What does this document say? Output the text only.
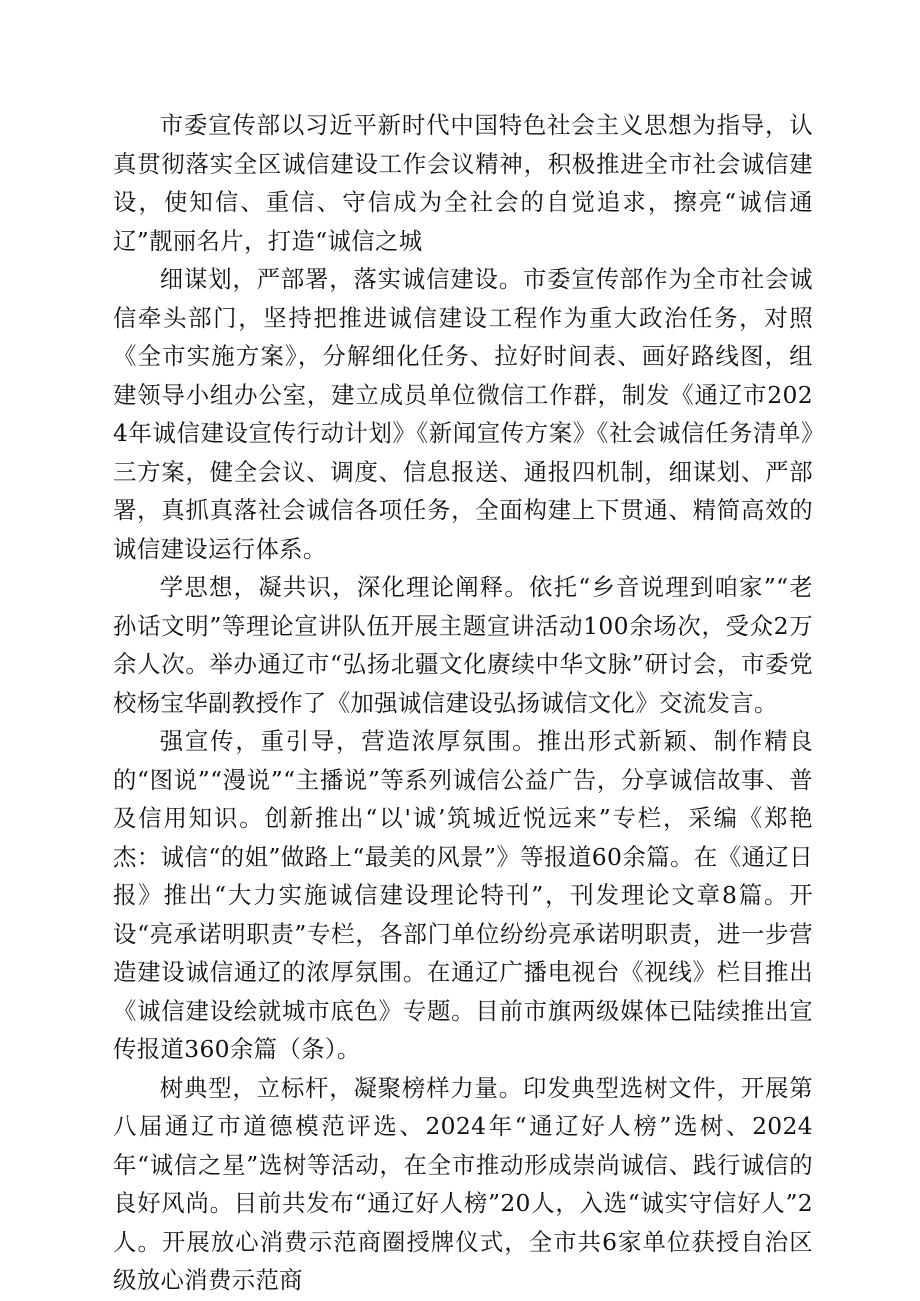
市委宣传部以习近平新时代中国特色社会主义思想为指导，认真贯彻落实全区诚信建设工作会议精神，积极推进全市社会诚信建设，使知信、重信、守信成为全社会的自觉追求，擦亮“诚信通辽”靓丽名片，打造“诚信之城

细谋划，严部署，落实诚信建设。市委宣传部作为全市社会诚信牵头部门，坚持把推进诚信建设工程作为重大政治任务，对照《全市实施方案》，分解细化任务、拉好时间表、画好路线图，组建领导小组办公室，建立成员单位微信工作群，制发《通辽市2024年诚信建设宣传行动计划》《新闻宣传方案》《社会诚信任务清单》三方案，健全会议、调度、信息报送、通报四机制，细谋划、严部署，真抓真落社会诚信各项任务，全面构建上下贯通、精简高效的诚信建设运行体系。

学思想，凝共识，深化理论阐释。依托“乡音说理到咱家”“老孙话文明”等理论宣讲队伍开展主题宣讲活动100余场次，受众2万余人次。举办通辽市“弘扬北疆文化赓续中华文脉”研讨会，市委党校杨宝华副教授作了《加强诚信建设弘扬诚信文化》交流发言。

强宣传，重引导，营造浓厚氛围。推出形式新颖、制作精良的“图说”“漫说”“主播说”等系列诚信公益广告，分享诚信故事、普及信用知识。创新推出“以'诚’筑城近悦远来”专栏，采编《郑艳杰：诚信“的姐”做路上“最美的风景”》等报道60余篇。在《通辽日报》推出“大力实施诚信建设理论特刊”，刊发理论文章8篇。开设“亮承诺明职责”专栏，各部门单位纷纷亮承诺明职责，进一步营造建设诚信通辽的浓厚氛围。在通辽广播电视台《视线》栏目推出《诚信建设绘就城市底色》专题。目前市旗两级媒体已陆续推出宣传报道360余篇（条）。

树典型，立标杆，凝聚榜样力量。印发典型选树文件，开展第八届通辽市道德模范评选、2024年“通辽好人榜”选树、2024年“诚信之星”选树等活动，在全市推动形成崇尚诚信、践行诚信的良好风尚。目前共发布“通辽好人榜”20人，入选“诚实守信好人”2人。开展放心消费示范商圈授牌仪式，全市共6家单位获授自治区级放心消费示范商
